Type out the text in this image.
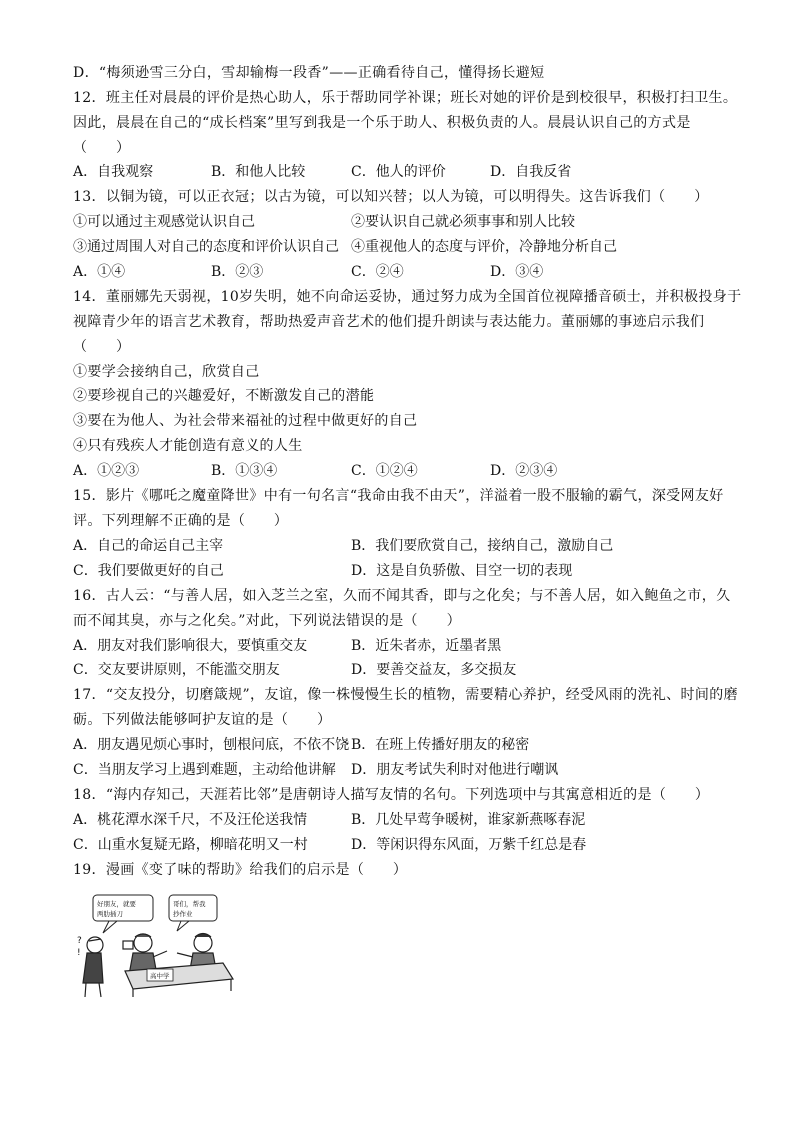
D．“梅须逊雪三分白，雪却输梅一段香”——正确看待自己，懂得扬长避短
12．班主任对晨晨的评价是热心助人，乐于帮助同学补课；班长对她的评价是到校很早，积极打扫卫生。
因此，晨晨在自己的“成长档案”里写到我是一个乐于助人、积极负责的人。晨晨认识自己的方式是
（　　）
A．自我观察	B．和他人比较	C．他人的评价	D．自我反省
13．以铜为镜，可以正衣冠；以古为镜，可以知兴替；以人为镜，可以明得失。这告诉我们（　　）
①可以通过主观感觉认识自己	②要认识自己就必须事事和别人比较
③通过周围人对自己的态度和评价认识自己 ④重视他人的态度与评价，冷静地分析自己
A．①④	B．②③	C．②④	D．③④
14．董丽娜先天弱视，10岁失明，她不向命运妥协，通过努力成为全国首位视障播音硕士，并积极投身于
视障青少年的语言艺术教育，帮助热爱声音艺术的他们提升朗读与表达能力。董丽娜的事迹启示我们
（　　）
①要学会接纳自己，欣赏自己
②要珍视自己的兴趣爱好，不断激发自己的潜能
③要在为他人、为社会带来福祉的过程中做更好的自己
④只有残疾人才能创造有意义的人生
A．①②③	B．①③④	C．①②④	D．②③④
15．影片《哪吒之魔童降世》中有一句名言“我命由我不由天”，洋溢着一股不服输的霸气，深受网友好
评。下列理解不正确的是（　　）
A．自己的命运自己主宰	B．我们要欣赏自己，接纳自己，激励自己
C．我们要做更好的自己	D．这是自负骄傲、目空一切的表现
16．古人云：“与善人居，如入芝兰之室，久而不闻其香，即与之化矣；与不善人居，如入鲍鱼之市，久
而不闻其臭，亦与之化矣。”对此，下列说法错误的是（　　）
A．朋友对我们影响很大，要慎重交友	B．近朱者赤，近墨者黑
C．交友要讲原则，不能滥交朋友	D．要善交益友，多交损友
17．“交友投分，切磨箴规”，友谊，像一株慢慢生长的植物，需要精心养护，经受风雨的洗礼、时间的磨
砺。下列做法能够呵护友谊的是（　　）
A．朋友遇见烦心事时，刨根问底，不依不饶 B．在班上传播好朋友的秘密
C．当朋友学习上遇到难题，主动给他讲解 D．朋友考试失利时对他进行嘲讽
18．“海内存知己，天涯若比邻”是唐朝诗人描写友情的名句。下列选项中与其寓意相近的是（　　）
A．桃花潭水深千尺，不及汪伦送我情	B．几处早莺争暖树，谁家新燕啄春泥
C．山重水复疑无路，柳暗花明又一村	D．等闲识得东风面，万紫千红总是春
19．漫画《变了味的帮助》给我们的启示是（　　）
好朋友，就要
两肋插刀
哥们，帮我
抄作业
?
!
高中学
